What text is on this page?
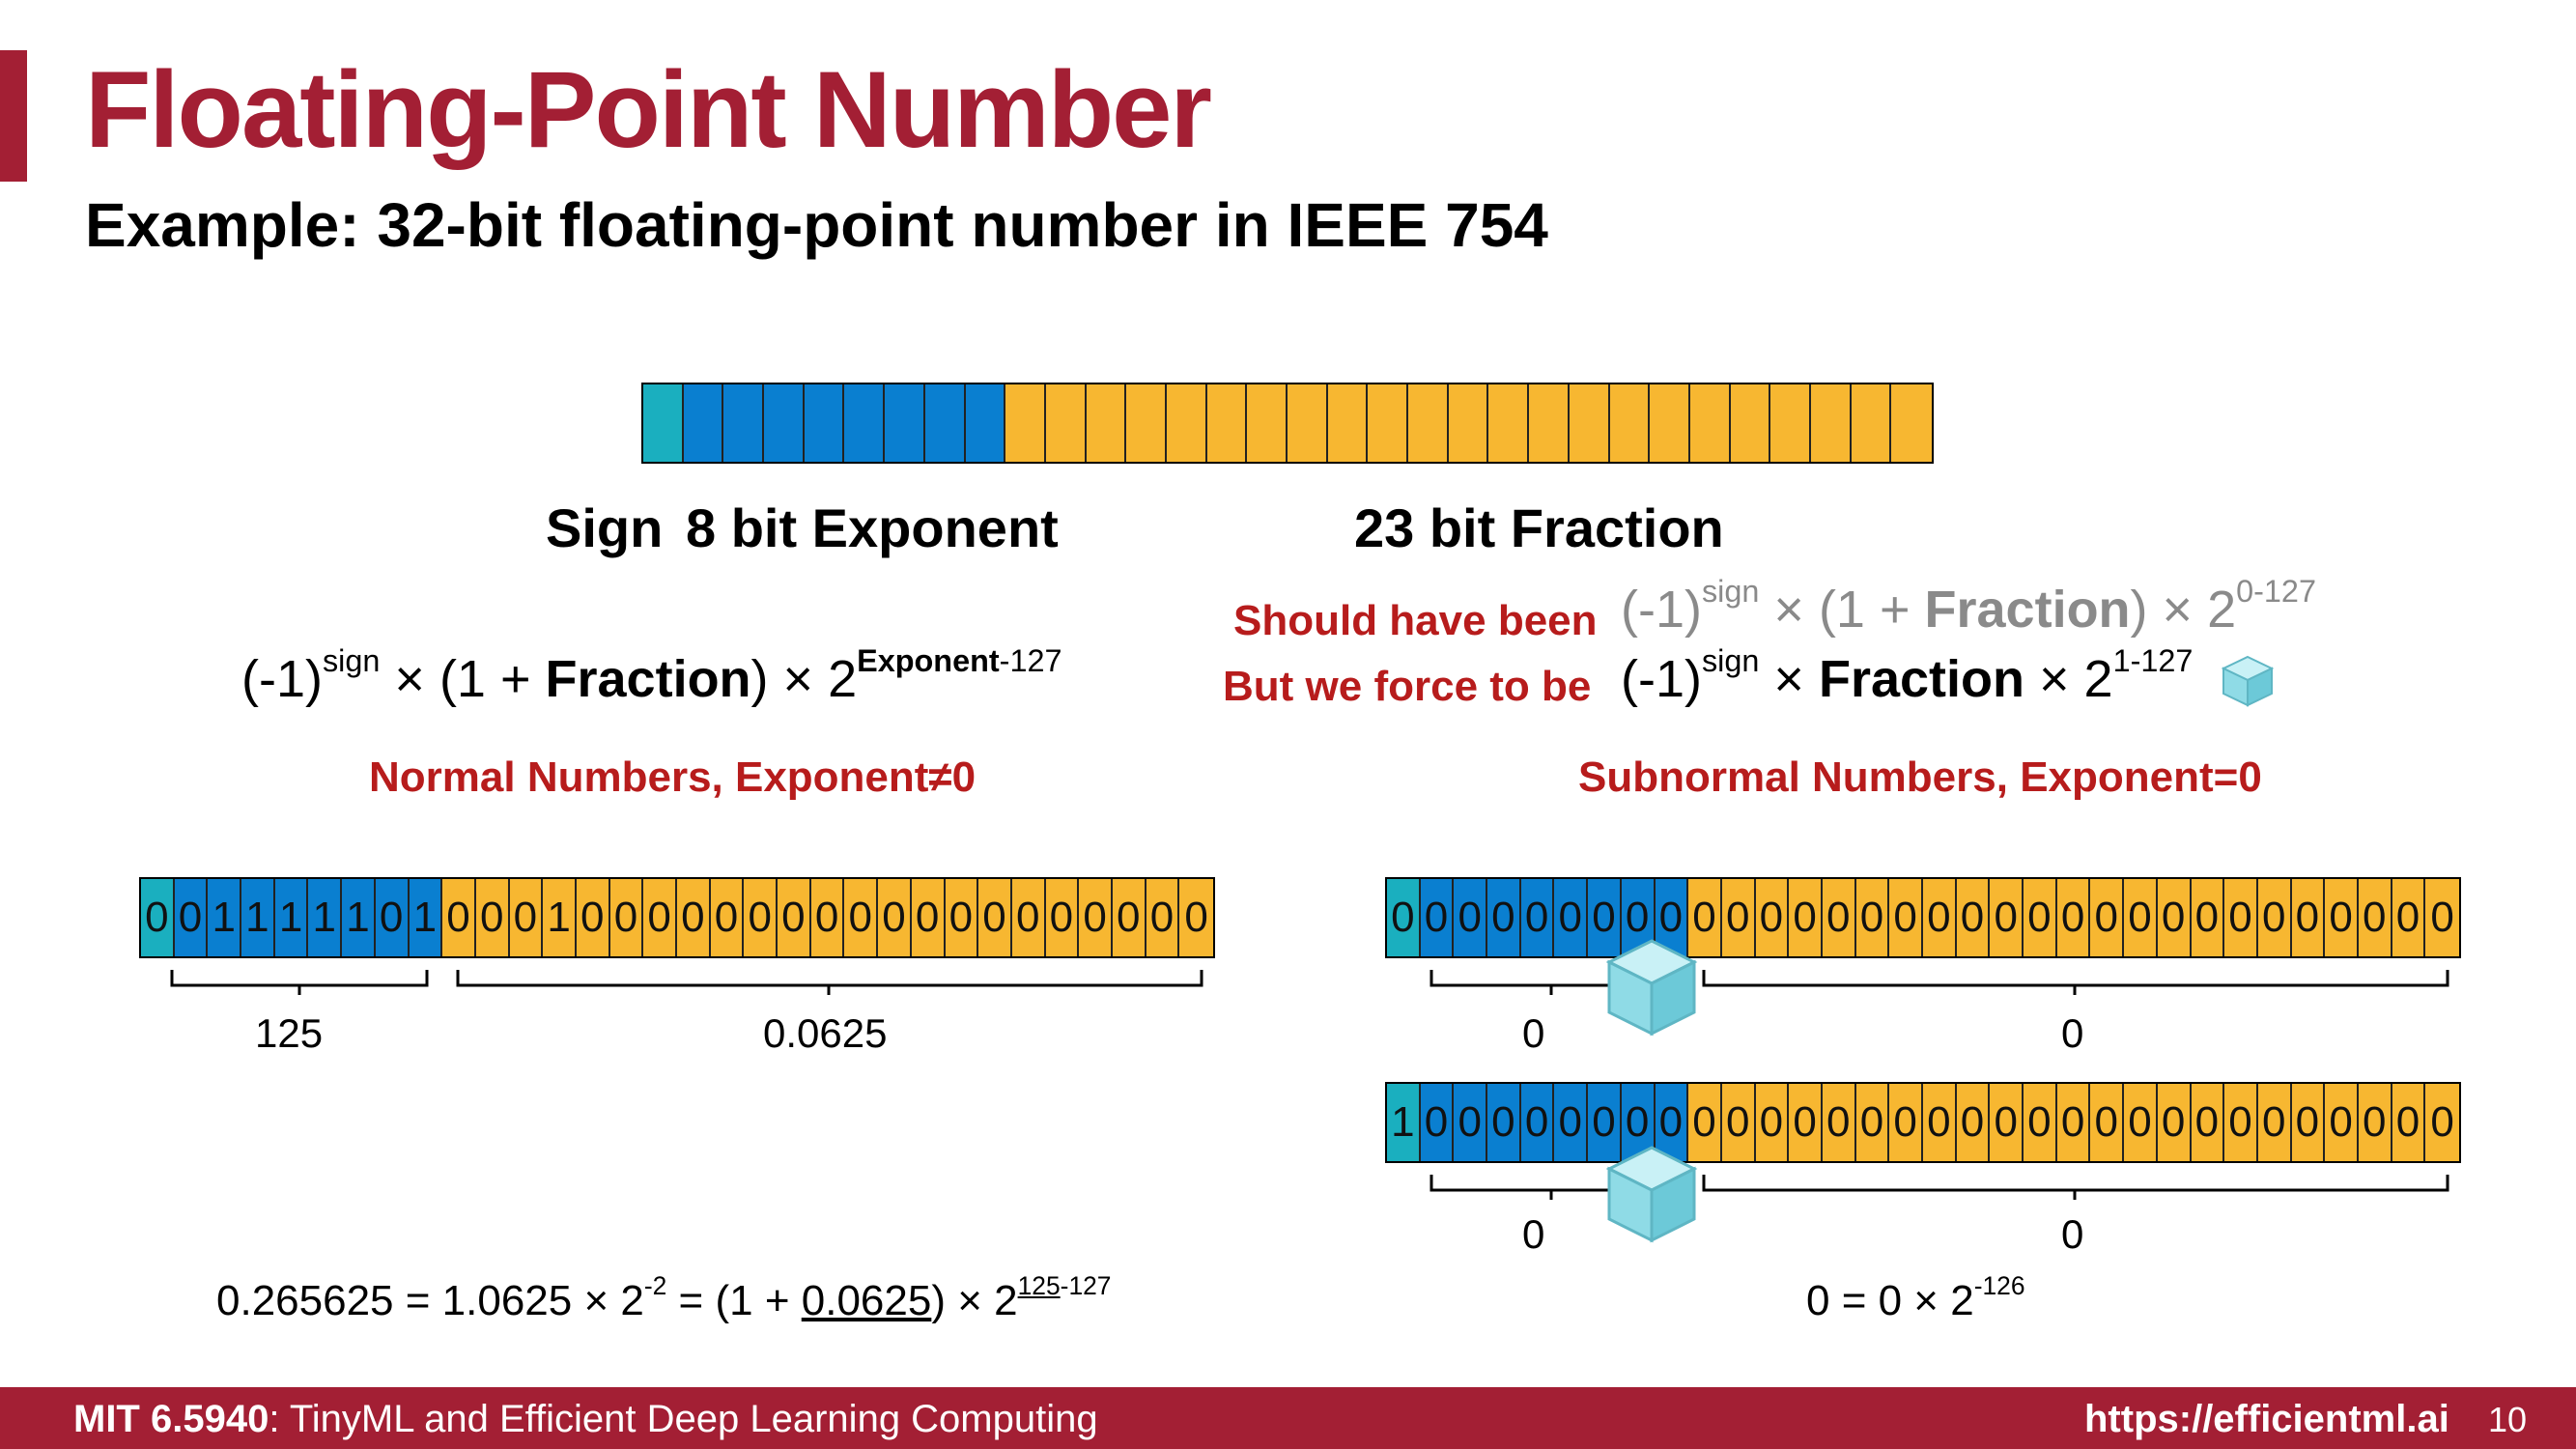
Floating-Point Number
Example: 32-bit floating-point number in IEEE 754
Sign 8 bit Exponent	23 bit Fraction
$(-1)^{sign} \times (1$ + Fraction) × $2^{Exponent-127}$
Should have been $(-1)^{sign} \times (1$ + Fraction) × $2^{0-127}$
But we force to be $(-1)^{sign}$ × Fraction × $2^{1-127}$
Normal Numbers, Exponent≠0	Subnormal Numbers, Exponent=0
0 0 1 1 1 1 1 0 1 0 0 0 1 0 0 0 0 0 0 0 0 0 0 0 0 0 0 0 0 0 0 0
125	0.0625
0 0 0 0 0 0 0 0 0 0 0 0 0 0 0 0 0 0 0 0 0 0 0 0 0 0 0 0 0 0 0 0
0	0
1 0 0 0 0 0 0 0 0 0 0 0 0 0 0 0 0 0 0 0 0 0 0 0 0 0 0 0 0 0 0 0
0	0
$0.265625 = 1.0625 \times 2^{-2} = (1 + 0.0625) \times 2^{125-127}$	$0 = 0 \times 2^{-126}$
MIT 6.5940: TinyML and Efficient Deep Learning Computing	https://efficientml.ai 10
